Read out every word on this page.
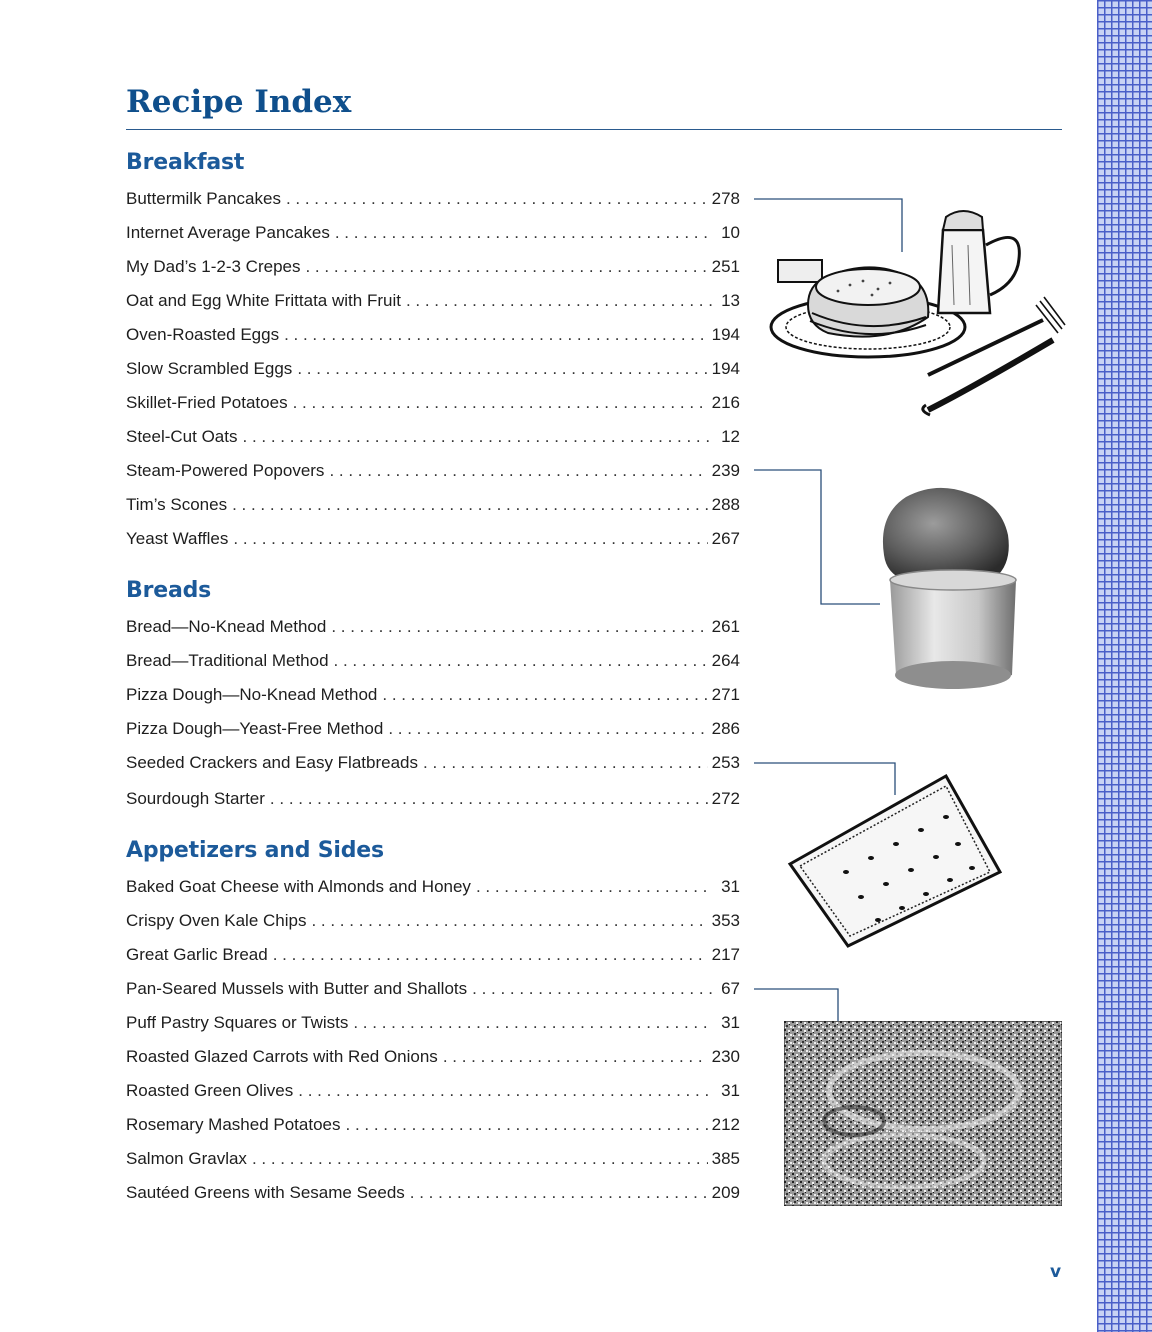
Recipe Index
Breakfast
Buttermilk Pancakes . . .	278
Internet Average Pancakes . . .	10
My Dad’s 1-2-3 Crepes . . .	251
Oat and Egg White Frittata with Fruit . . .	13
Oven-Roasted Eggs . . .	194
Slow Scrambled Eggs . . .	194
Skillet-Fried Potatoes . . .	216
Steel-Cut Oats . . .	12
Steam-Powered Popovers . . .	239
Tim’s Scones . . .	288
Yeast Waffles . . .	267
Breads
Bread—No-Knead Method . . .	261
Bread—Traditional Method . . .	264
Pizza Dough—No-Knead Method . . .	271
Pizza Dough—Yeast-Free Method . . .	286
Seeded Crackers and Easy Flatbreads . . .	253
Sourdough Starter . . .	272
Appetizers and Sides
Baked Goat Cheese with Almonds and Honey . . .	31
Crispy Oven Kale Chips . . .	353
Great Garlic Bread . . .	217
Pan-Seared Mussels with Butter and Shallots . . .	67
Puff Pastry Squares or Twists . . .	31
Roasted Glazed Carrots with Red Onions . . .	230
Roasted Green Olives . . .	31
Rosemary Mashed Potatoes . . .	212
Salmon Gravlax . . .	385
Sautéed Greens with Sesame Seeds . . .	209
v
